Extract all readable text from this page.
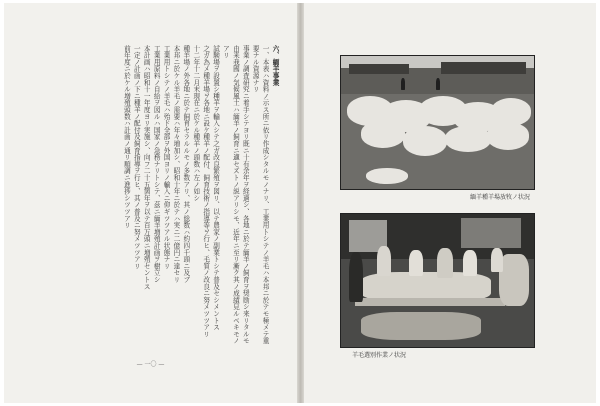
六、緬羊事業

一、本表ハ資料ノ示ス所ニ依リ作成シタルモノナリ、工業用トシテノ羊毛ハ本邦ニ於テモ極メテ重要ナル資源ナリ

事業ノ調査研究ニ着手シテヨリ既ニ十有余年ヲ経過シ、各地ニ於テ緬羊ノ飼育ヲ奨励シ来リタルモ

由来我國ノ気候風土ハ緬羊ノ飼育ニ適セズトノ説アリシモ、近年ニ至リ漸ク其ノ成績見ルベキモノアリ

試験場ヲ設置シ種羊ヲ輸入シテ之ガ改良繁殖ヲ図リ、以テ農家ノ副業トシテ普及セシメントス

之ガ為メ種羊場ヲ各地ニ設ケ種羊ノ配付、飼育技術ノ指導等ヲ行ヒ、毛質ノ改良ニ努メツツアリ

十二年十二月末現在ニ於ケル種羊ノ頭数ハ左ノ如シ

種羊場ノ外各地ニ於テ飼育セラルルモノ多数アリ、其ノ総数ハ約四千頭ニ及ブ

本邦ニ於ケル羊毛ノ需要ハ年々増加シ、昭和十年ニ於テハ実ニ二億円ニ達セリ

工業用トシテノ羊毛ハ殆ド全部ヲ外国ヨリノ輸入ニ仰ギツツアル状態ナリ

工業用原料ノ自給ヲ図ルハ国家ノ急務ナリトシテ、茲ニ緬羊増殖計画ヲ樹立シ

本計画ハ昭和十一年度ヨリ実施シ、向フ二十五箇年ヲ以テ百万頭ニ増殖セントス

一定ノ計画ノ下ニ種羊ノ配付及飼育指導ヲ行ヒ、其ノ普及ニ努メツツアリ

前年度ニ於ケル増殖頭数ハ計画ノ通リ順調ニ進捗シツツアリ

— 一〇 —
緬羊種羊場放牧ノ状況
羊毛選別作業ノ状況
